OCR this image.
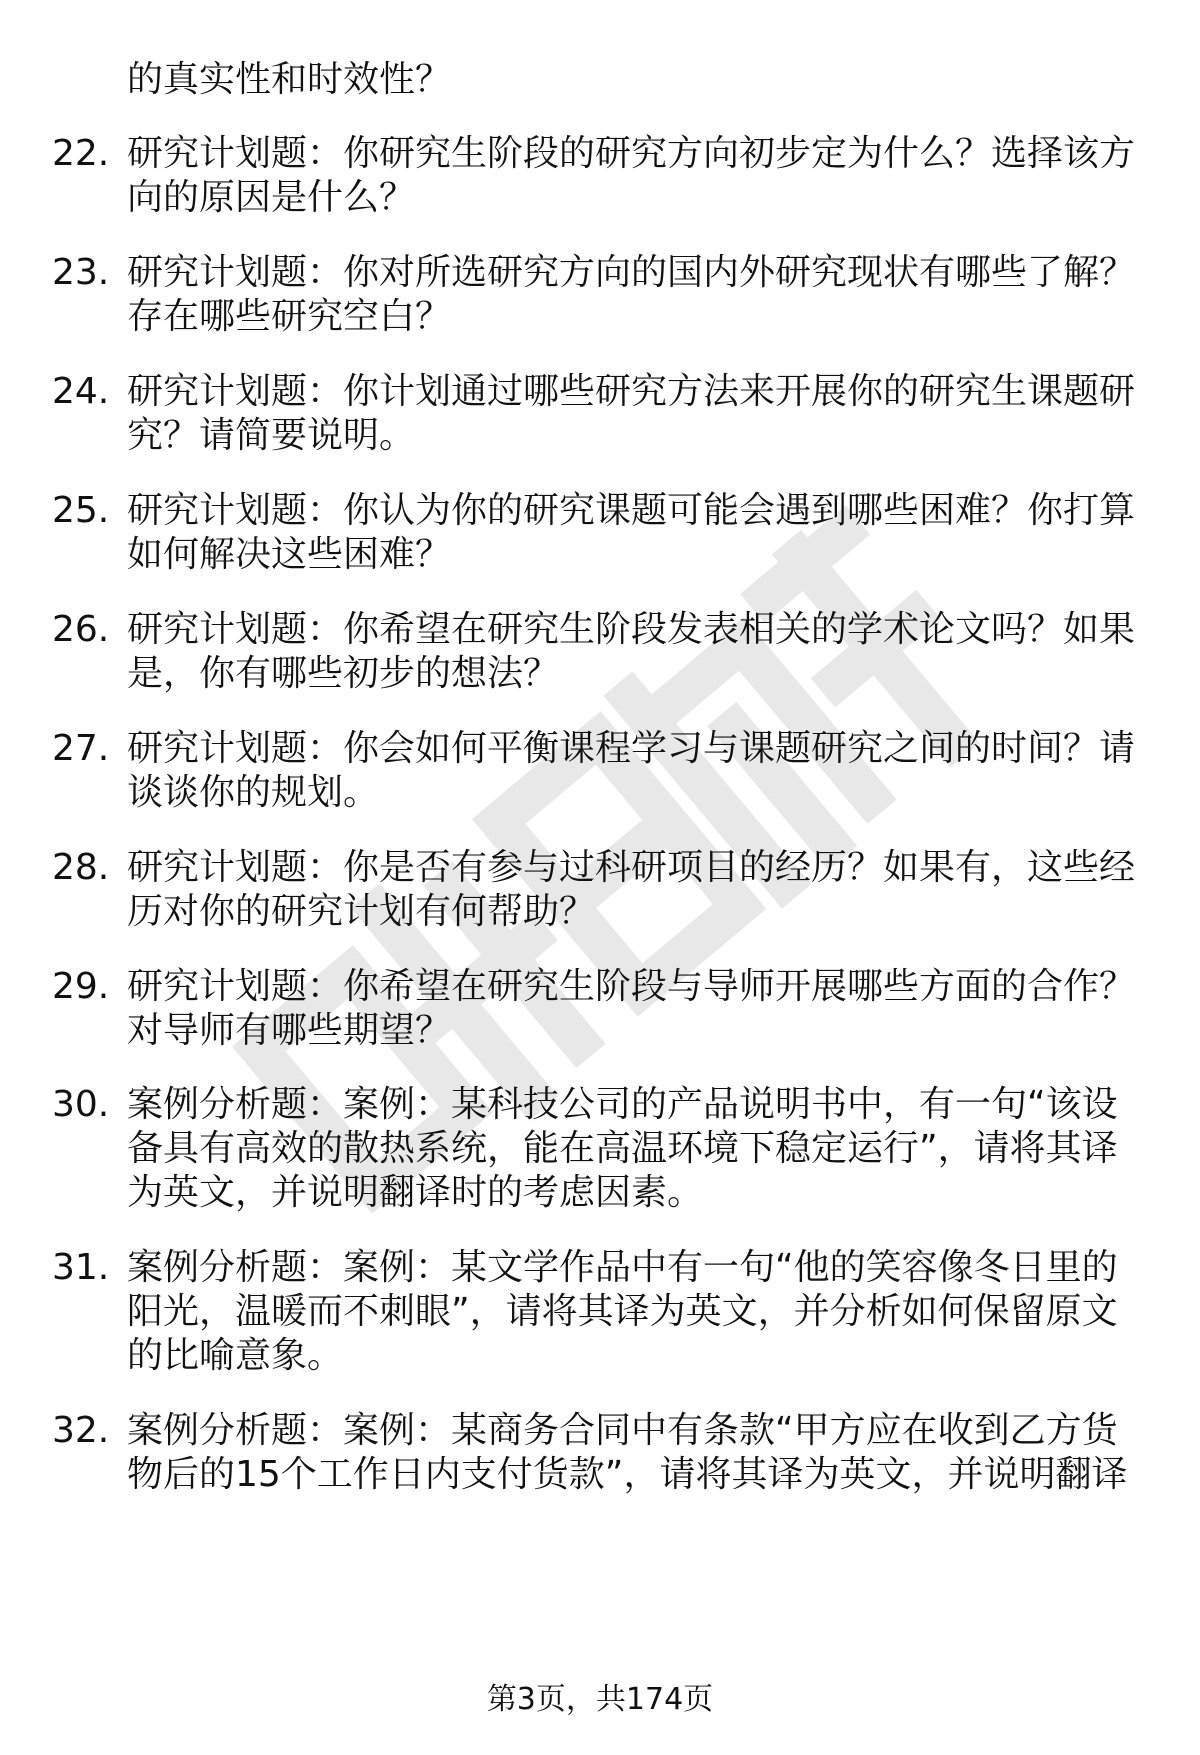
的真实性和时效性？
22. 研究计划题：你研究生阶段的研究方向初步定为什么？选择该方
向的原因是什么？
23. 研究计划题：你对所选研究方向的国内外研究现状有哪些了解？
存在哪些研究空白？
24. 研究计划题：你计划通过哪些研究方法来开展你的研究生课题研
究？请简要说明。
25. 研究计划题：你认为你的研究课题可能会遇到哪些困难？你打算
如何解决这些困难？
26. 研究计划题：你希望在研究生阶段发表相关的学术论文吗？如果
是，你有哪些初步的想法？
27. 研究计划题：你会如何平衡课程学习与课题研究之间的时间？请
谈谈你的规划。
28. 研究计划题：你是否有参与过科研项目的经历？如果有，这些经
历对你的研究计划有何帮助？
29. 研究计划题：你希望在研究生阶段与导师开展哪些方面的合作？
对导师有哪些期望？
30. 案例分析题：案例：某科技公司的产品说明书中，有一句“该设
备具有高效的散热系统，能在高温环境下稳定运行”，请将其译
为英文，并说明翻译时的考虑因素。
31. 案例分析题：案例：某文学作品中有一句“他的笑容像冬日里的
阳光，温暖而不刺眼”，请将其译为英文，并分析如何保留原文
的比喻意象。
32. 案例分析题：案例：某商务合同中有条款“甲方应在收到乙方货
物后的15个工作日内支付货款”，请将其译为英文，并说明翻译
第3页，共174页
